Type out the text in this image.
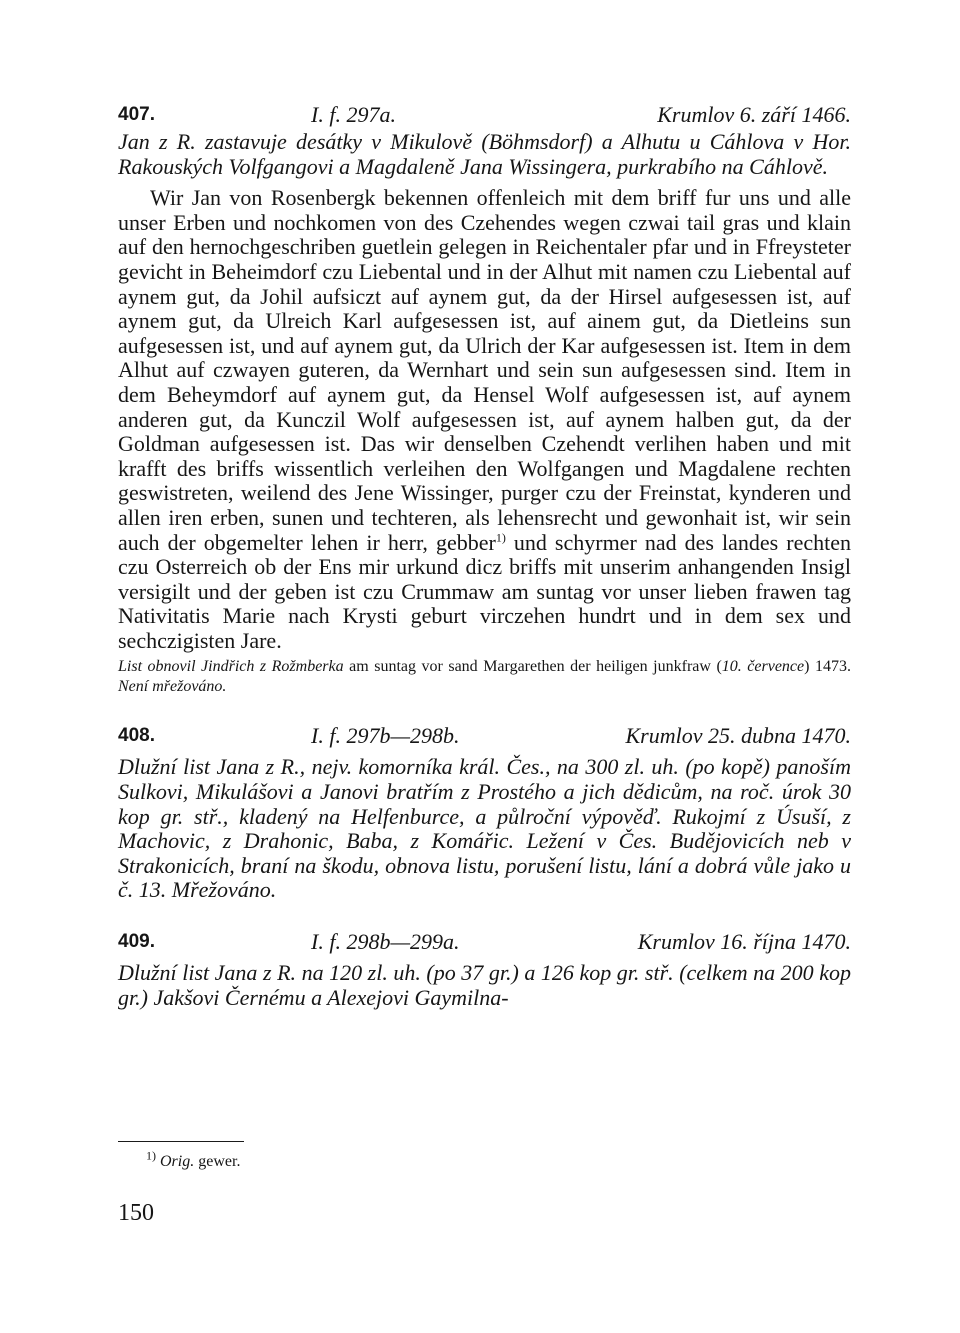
407.	I. f. 297a.	Krumlov 6. září 1466.

Jan z R. zastavuje desátky v Mikulově (Böhmsdorf) a Alhutu u Cáhlova v Hor. Rakouských Volfgangovi a Magdaleně Jana Wissingera, purkrabího na Cáhlově.

Wir Jan von Rosenbergk bekennen offenleich mit dem briff fur uns und alle unser Erben und nochkomen von des Czehendes wegen czwai tail gras und klain auf den hernochgeschriben guetlein gelegen in Reichentaler pfar und in Ffreysteter gevicht in Beheimdorf czu Liebental und in der Alhut mit namen czu Liebental auf aynem gut, da Johil aufsiczt auf aynem gut, da der Hirsel aufgesessen ist, auf aynem gut, da Ulreich Karl aufgesessen ist, auf ainem gut, da Dietleins sun aufgesessen ist, und auf aynem gut, da Ulrich der Kar aufgesessen ist. Item in dem Alhut auf czwayen guteren, da Wernhart und sein sun aufgesessen sind. Item in dem Beheymdorf auf aynem gut, da Hensel Wolf aufgesessen ist, auf aynem anderen gut, da Kunczil Wolf aufgesessen ist, auf aynem halben gut, da der Goldman aufgesessen ist. Das wir denselben Czehendt verlihen haben und mit krafft des briffs wissentlich verleihen den Wolfgangen und Magdalene rechten geswistreten, weilend des Jene Wissinger, purger czu der Freinstat, kynderen und allen iren erben, sunen und techteren, als lehensrecht und gewonhait ist, wir sein auch der obgemelter lehen ir herr, gebber$^{1)}$ und schyrmer nad des landes rechten czu Osterreich ob der Ens mir urkund dicz briffs mit unserim anhangenden Insigl versigilt und der geben ist czu Crummaw am suntag vor unser lieben frawen tag Nativitatis Marie nach Krysti geburt virczehen hundrt und in dem sex und sechczigisten Jare.

List obnovil Jindřich z Rožmberka am suntag vor sand Margarethen der heiligen junkfraw (10. července) 1473. Není mřežováno.

408.	I. f. 297b—298b.	Krumlov 25. dubna 1470.

Dlužní list Jana z R., nejv. komorníka král. Čes., na 300 zl. uh. (po kopě) panoším Sulkovi, Mikulášovi a Janovi bratřím z Prostého a jich dědicům, na roč. úrok 30 kop gr. stř., kladený na Helfenburce, a půlroční výpověď. Rukojmí z Úsuší, z Machovic, z Drahonic, Baba, z Komářic. Ležení v Čes. Budějovicích neb v Strakonicích, braní na škodu, obnova listu, porušení listu, lání a dobrá vůle jako u č. 13. Mřežováno.

409.	I. f. 298b—299a.	Krumlov 16. října 1470.

Dlužní list Jana z R. na 120 zl. uh. (po 37 gr.) a 126 kop gr. stř. (celkem na 200 kop gr.) Jakšovi Černému a Alexejovi Gaymilna-

$^{1)}$ Orig. gewer.
150
